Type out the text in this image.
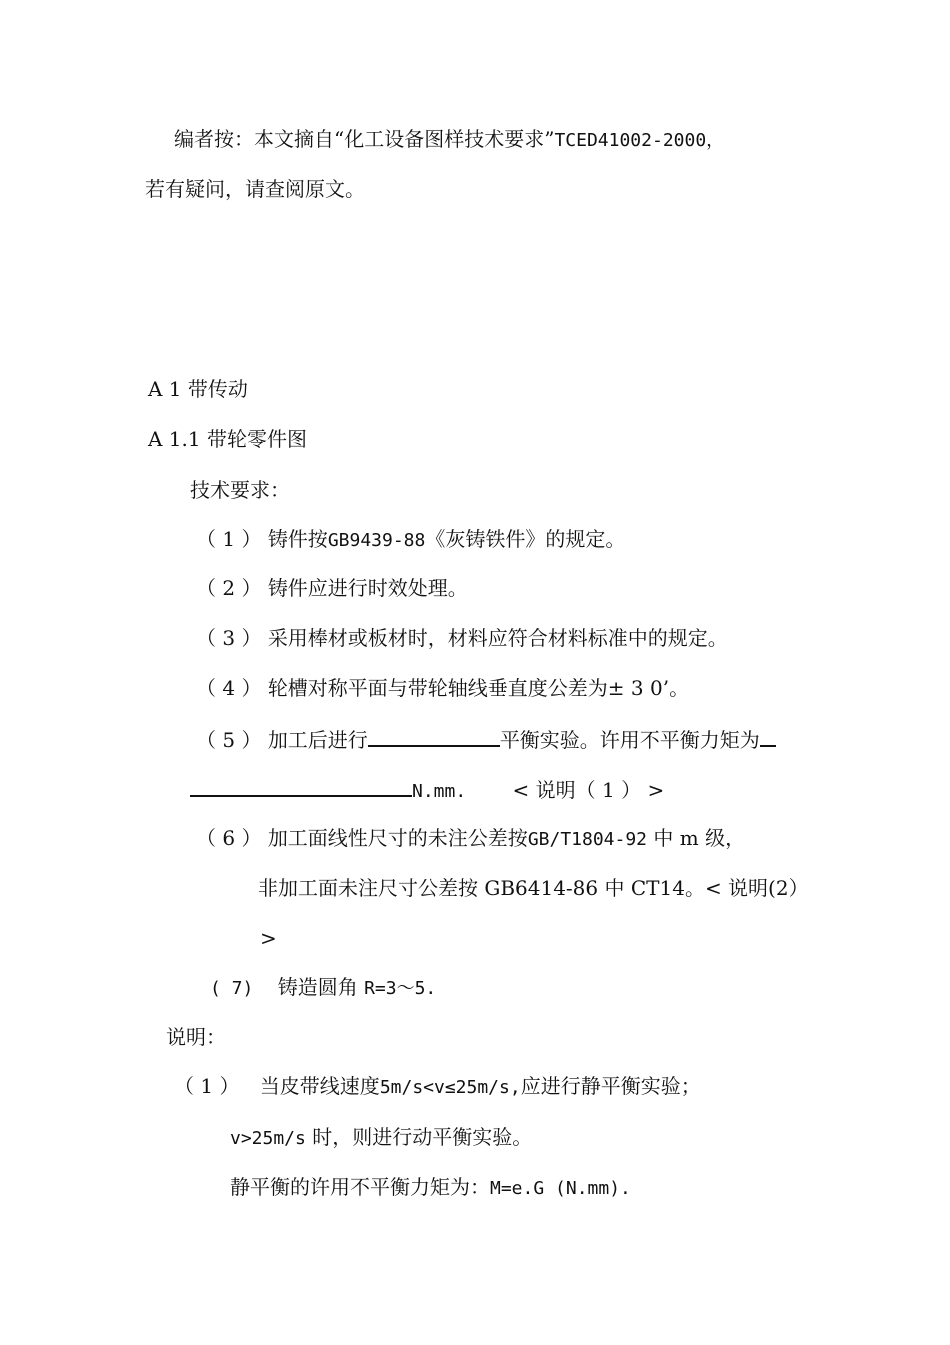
编者按：本文摘自“化工设备图样技术要求”TCED41002-2000，
若有疑问，请查阅原文。
A 1 带传动
A 1.1 带轮零件图
技术要求：
（ 1 ） 铸件按GB9439-88《灰铸铁件》的规定。
（ 2 ） 铸件应进行时效处理。
（ 3 ） 采用棒材或板材时，材料应符合材料标准中的规定。
（ 4 ） 轮槽对称平面与带轮轴线垂直度公差为± 3 0’。
（ 5 ） 加工后进行	平衡实验。许用不平衡力矩为
N.mm. < 说明（ 1 ） >
（ 6 ） 加工面线性尺寸的未注公差按GB/T1804-92 中 m 级，
非加工面未注尺寸公差按 GB6414-86 中 CT14。< 说明(2）
>
( 7) 铸造圆角 R=3～5.
说明：
（ 1 ） 当皮带线速度5m/s<v≤25m/s,应进行静平衡实验；
v>25m/s 时，则进行动平衡实验。
静平衡的许用不平衡力矩为：M=e.G (N.mm).
